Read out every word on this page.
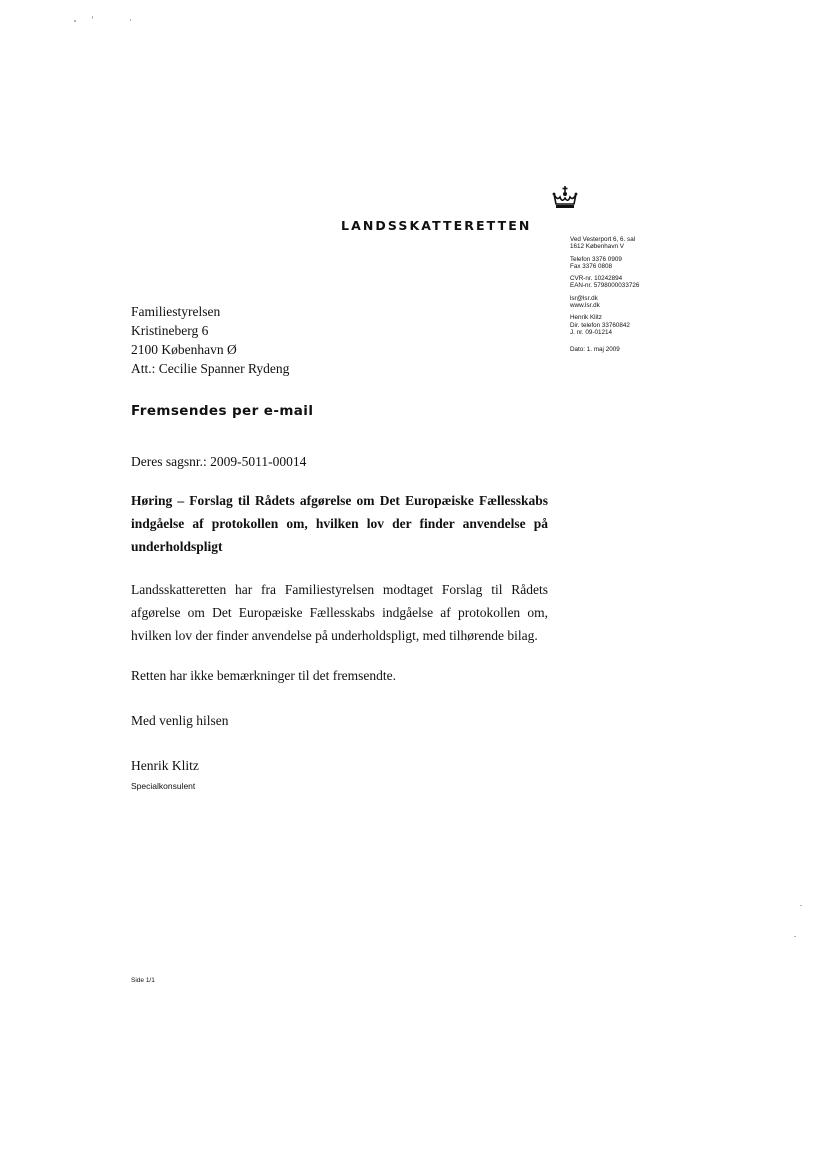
LANDSSKATTERETTEN
Ved Vesterport 6, 6. sal
1612 København V
Telefon 3376 0909
Fax 3376 0808
CVR-nr. 10242894
EAN-nr. 5798000033726
lsr@lsr.dk
www.lsr.dk
Henrik Klitz
Dir. telefon 33760842
J. nr. 09-01214
Dato: 1. maj 2009
Familiestyrelsen
Kristineberg 6
2100 København Ø
Att.: Cecilie Spanner Rydeng
Fremsendes per e-mail
Deres sagsnr.: 2009-5011-00014
Høring – Forslag til Rådets afgørelse om Det Europæiske Fællesskabs
indgåelse af protokollen om, hvilken lov der finder anvendelse på
underholdspligt
Landsskatteretten har fra Familiestyrelsen modtaget Forslag til Rådets
afgørelse om Det Europæiske Fællesskabs indgåelse af protokollen om,
hvilken lov der finder anvendelse på underholdspligt, med tilhørende bilag.
Retten har ikke bemærkninger til det fremsendte.
Med venlig hilsen
Henrik Klitz
Specialkonsulent
Side 1/1
